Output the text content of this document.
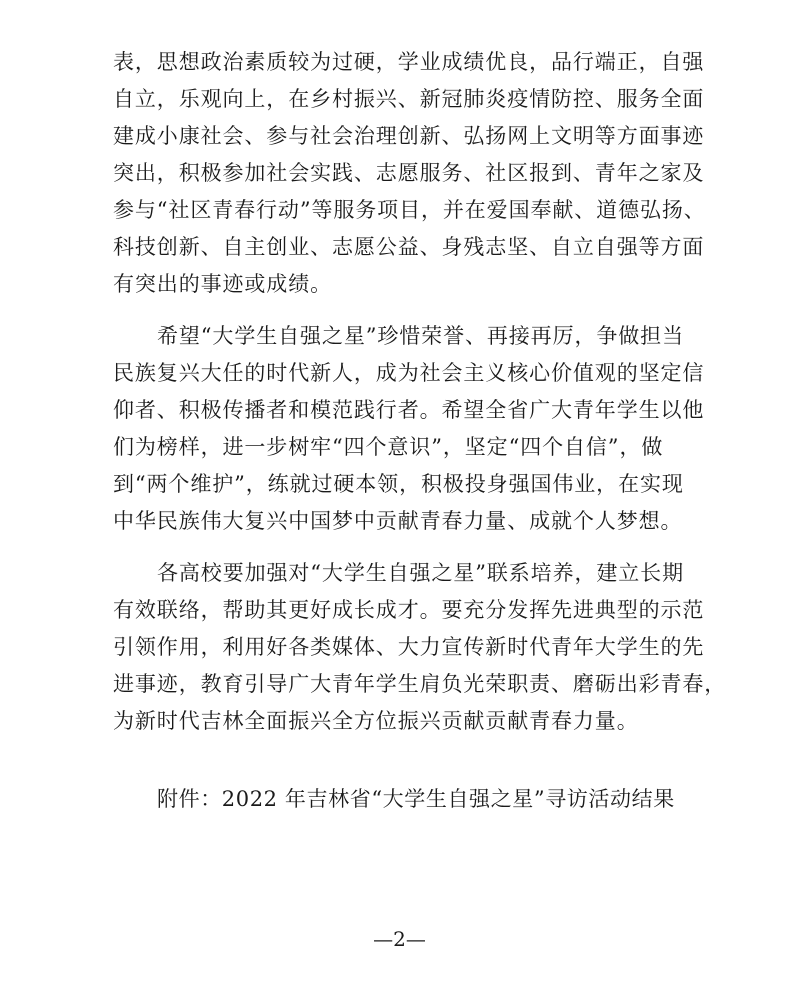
表，思想政治素质较为过硬，学业成绩优良，品行端正，自强
自立，乐观向上，在乡村振兴、新冠肺炎疫情防控、服务全面
建成小康社会、参与社会治理创新、弘扬网上文明等方面事迹
突出，积极参加社会实践、志愿服务、社区报到、青年之家及
参与“社区青春行动”等服务项目，并在爱国奉献、道德弘扬、
科技创新、自主创业、志愿公益、身残志坚、自立自强等方面
有突出的事迹或成绩。
希望“大学生自强之星”珍惜荣誉、再接再厉，争做担当
民族复兴大任的时代新人，成为社会主义核心价值观的坚定信
仰者、积极传播者和模范践行者。希望全省广大青年学生以他
们为榜样，进一步树牢“四个意识”，坚定“四个自信”，做
到“两个维护”，练就过硬本领，积极投身强国伟业，在实现
中华民族伟大复兴中国梦中贡献青春力量、成就个人梦想。
各高校要加强对“大学生自强之星”联系培养，建立长期
有效联络，帮助其更好成长成才。要充分发挥先进典型的示范
引领作用，利用好各类媒体、大力宣传新时代青年大学生的先
进事迹，教育引导广大青年学生肩负光荣职责、磨砺出彩青春，
为新时代吉林全面振兴全方位振兴贡献贡献青春力量。
附件：2022 年吉林省“大学生自强之星”寻访活动结果
—2—
